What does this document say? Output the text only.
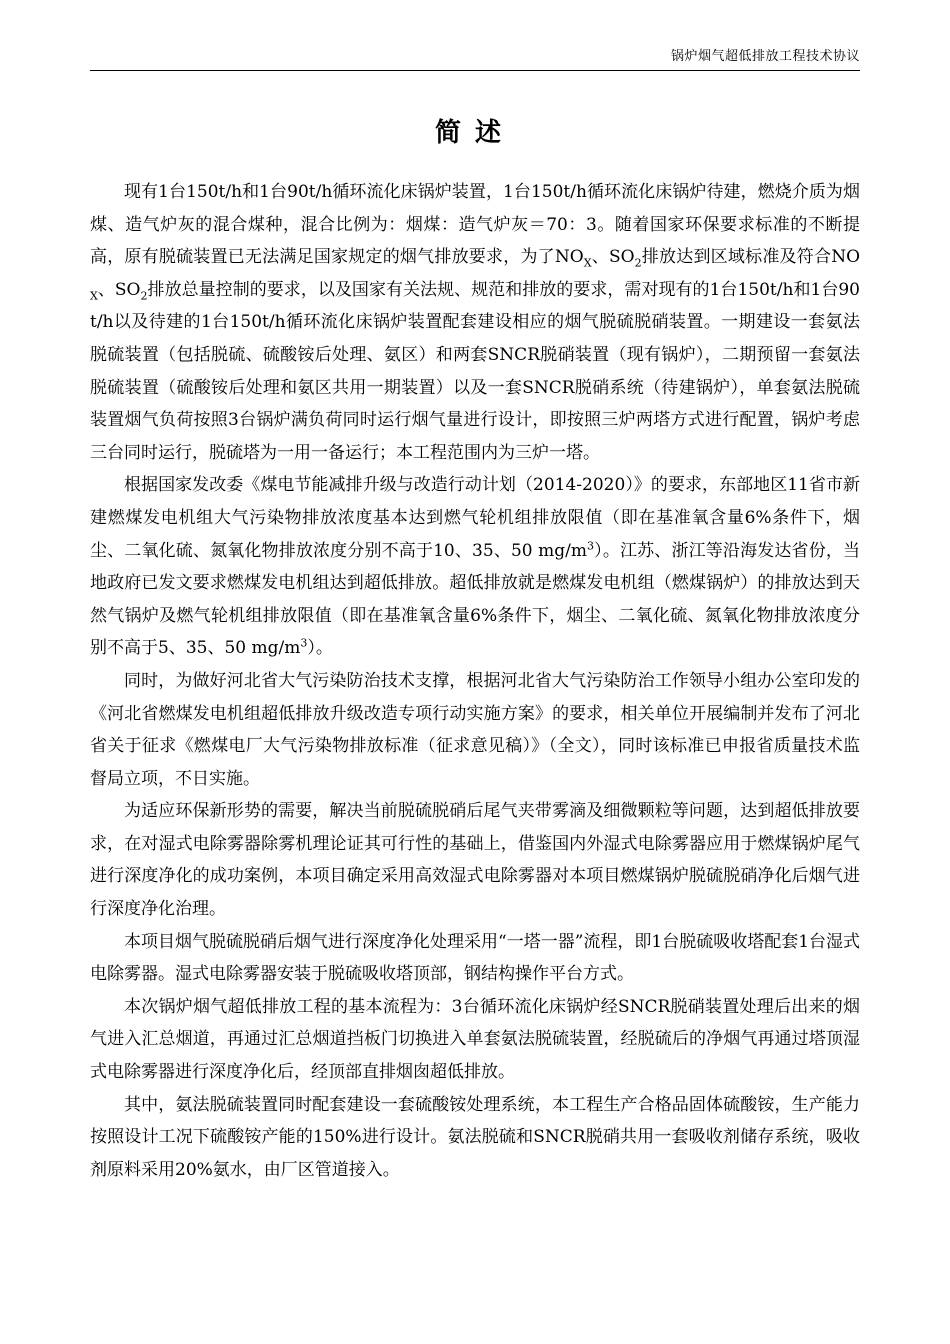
锅炉烟气超低排放工程技术协议
简述

现有1台150t/h和1台90t/h循环流化床锅炉装置，1台150t/h循环流化床锅炉待建，燃烧介质为烟煤、造气炉灰的混合煤种，混合比例为：烟煤：造气炉灰＝70：3。随着国家环保要求标准的不断提高，原有脱硫装置已无法满足国家规定的烟气排放要求，为了$NO_X$、$SO_2$排放达到区域标准及符合$NO_X$、$SO_2$排放总量控制的要求，以及国家有关法规、规范和排放的要求，需对现有的1台150t/h和1台90t/h以及待建的1台150t/h循环流化床锅炉装置配套建设相应的烟气脱硫脱硝装置。一期建设一套氨法脱硫装置（包括脱硫、硫酸铵后处理、氨区）和两套SNCR脱硝装置（现有锅炉），二期预留一套氨法脱硫装置（硫酸铵后处理和氨区共用一期装置）以及一套SNCR脱硝系统（待建锅炉），单套氨法脱硫装置烟气负荷按照3台锅炉满负荷同时运行烟气量进行设计，即按照三炉两塔方式进行配置，锅炉考虑三台同时运行，脱硫塔为一用一备运行；本工程范围内为三炉一塔。

根据国家发改委《煤电节能减排升级与改造行动计划（2014-2020）》的要求，东部地区11省市新建燃煤发电机组大气污染物排放浓度基本达到燃气轮机组排放限值（即在基准氧含量6%条件下，烟尘、二氧化硫、氮氧化物排放浓度分别不高于10、35、50 $mg/m^3$）。江苏、浙江等沿海发达省份，当地政府已发文要求燃煤发电机组达到超低排放。超低排放就是燃煤发电机组（燃煤锅炉）的排放达到天然气锅炉及燃气轮机组排放限值（即在基准氧含量6%条件下，烟尘、二氧化硫、氮氧化物排放浓度分别不高于5、35、50 $mg/m^3$）。

同时，为做好河北省大气污染防治技术支撑，根据河北省大气污染防治工作领导小组办公室印发的《河北省燃煤发电机组超低排放升级改造专项行动实施方案》的要求，相关单位开展编制并发布了河北省关于征求《燃煤电厂大气污染物排放标准（征求意见稿）》（全文），同时该标准已申报省质量技术监督局立项，不日实施。

为适应环保新形势的需要，解决当前脱硫脱硝后尾气夹带雾滴及细微颗粒等问题，达到超低排放要求，在对湿式电除雾器除雾机理论证其可行性的基础上，借鉴国内外湿式电除雾器应用于燃煤锅炉尾气进行深度净化的成功案例，本项目确定采用高效湿式电除雾器对本项目燃煤锅炉脱硫脱硝净化后烟气进行深度净化治理。

本项目烟气脱硫脱硝后烟气进行深度净化处理采用“一塔一器”流程，即1台脱硫吸收塔配套1台湿式电除雾器。湿式电除雾器安装于脱硫吸收塔顶部，钢结构操作平台方式。

本次锅炉烟气超低排放工程的基本流程为：3台循环流化床锅炉经SNCR脱硝装置处理后出来的烟气进入汇总烟道，再通过汇总烟道挡板门切换进入单套氨法脱硫装置，经脱硫后的净烟气再通过塔顶湿式电除雾器进行深度净化后，经顶部直排烟囱超低排放。

其中，氨法脱硫装置同时配套建设一套硫酸铵处理系统，本工程生产合格品固体硫酸铵，生产能力按照设计工况下硫酸铵产能的150%进行设计。氨法脱硫和SNCR脱硝共用一套吸收剂储存系统，吸收剂原料采用20%氨水，由厂区管道接入。
